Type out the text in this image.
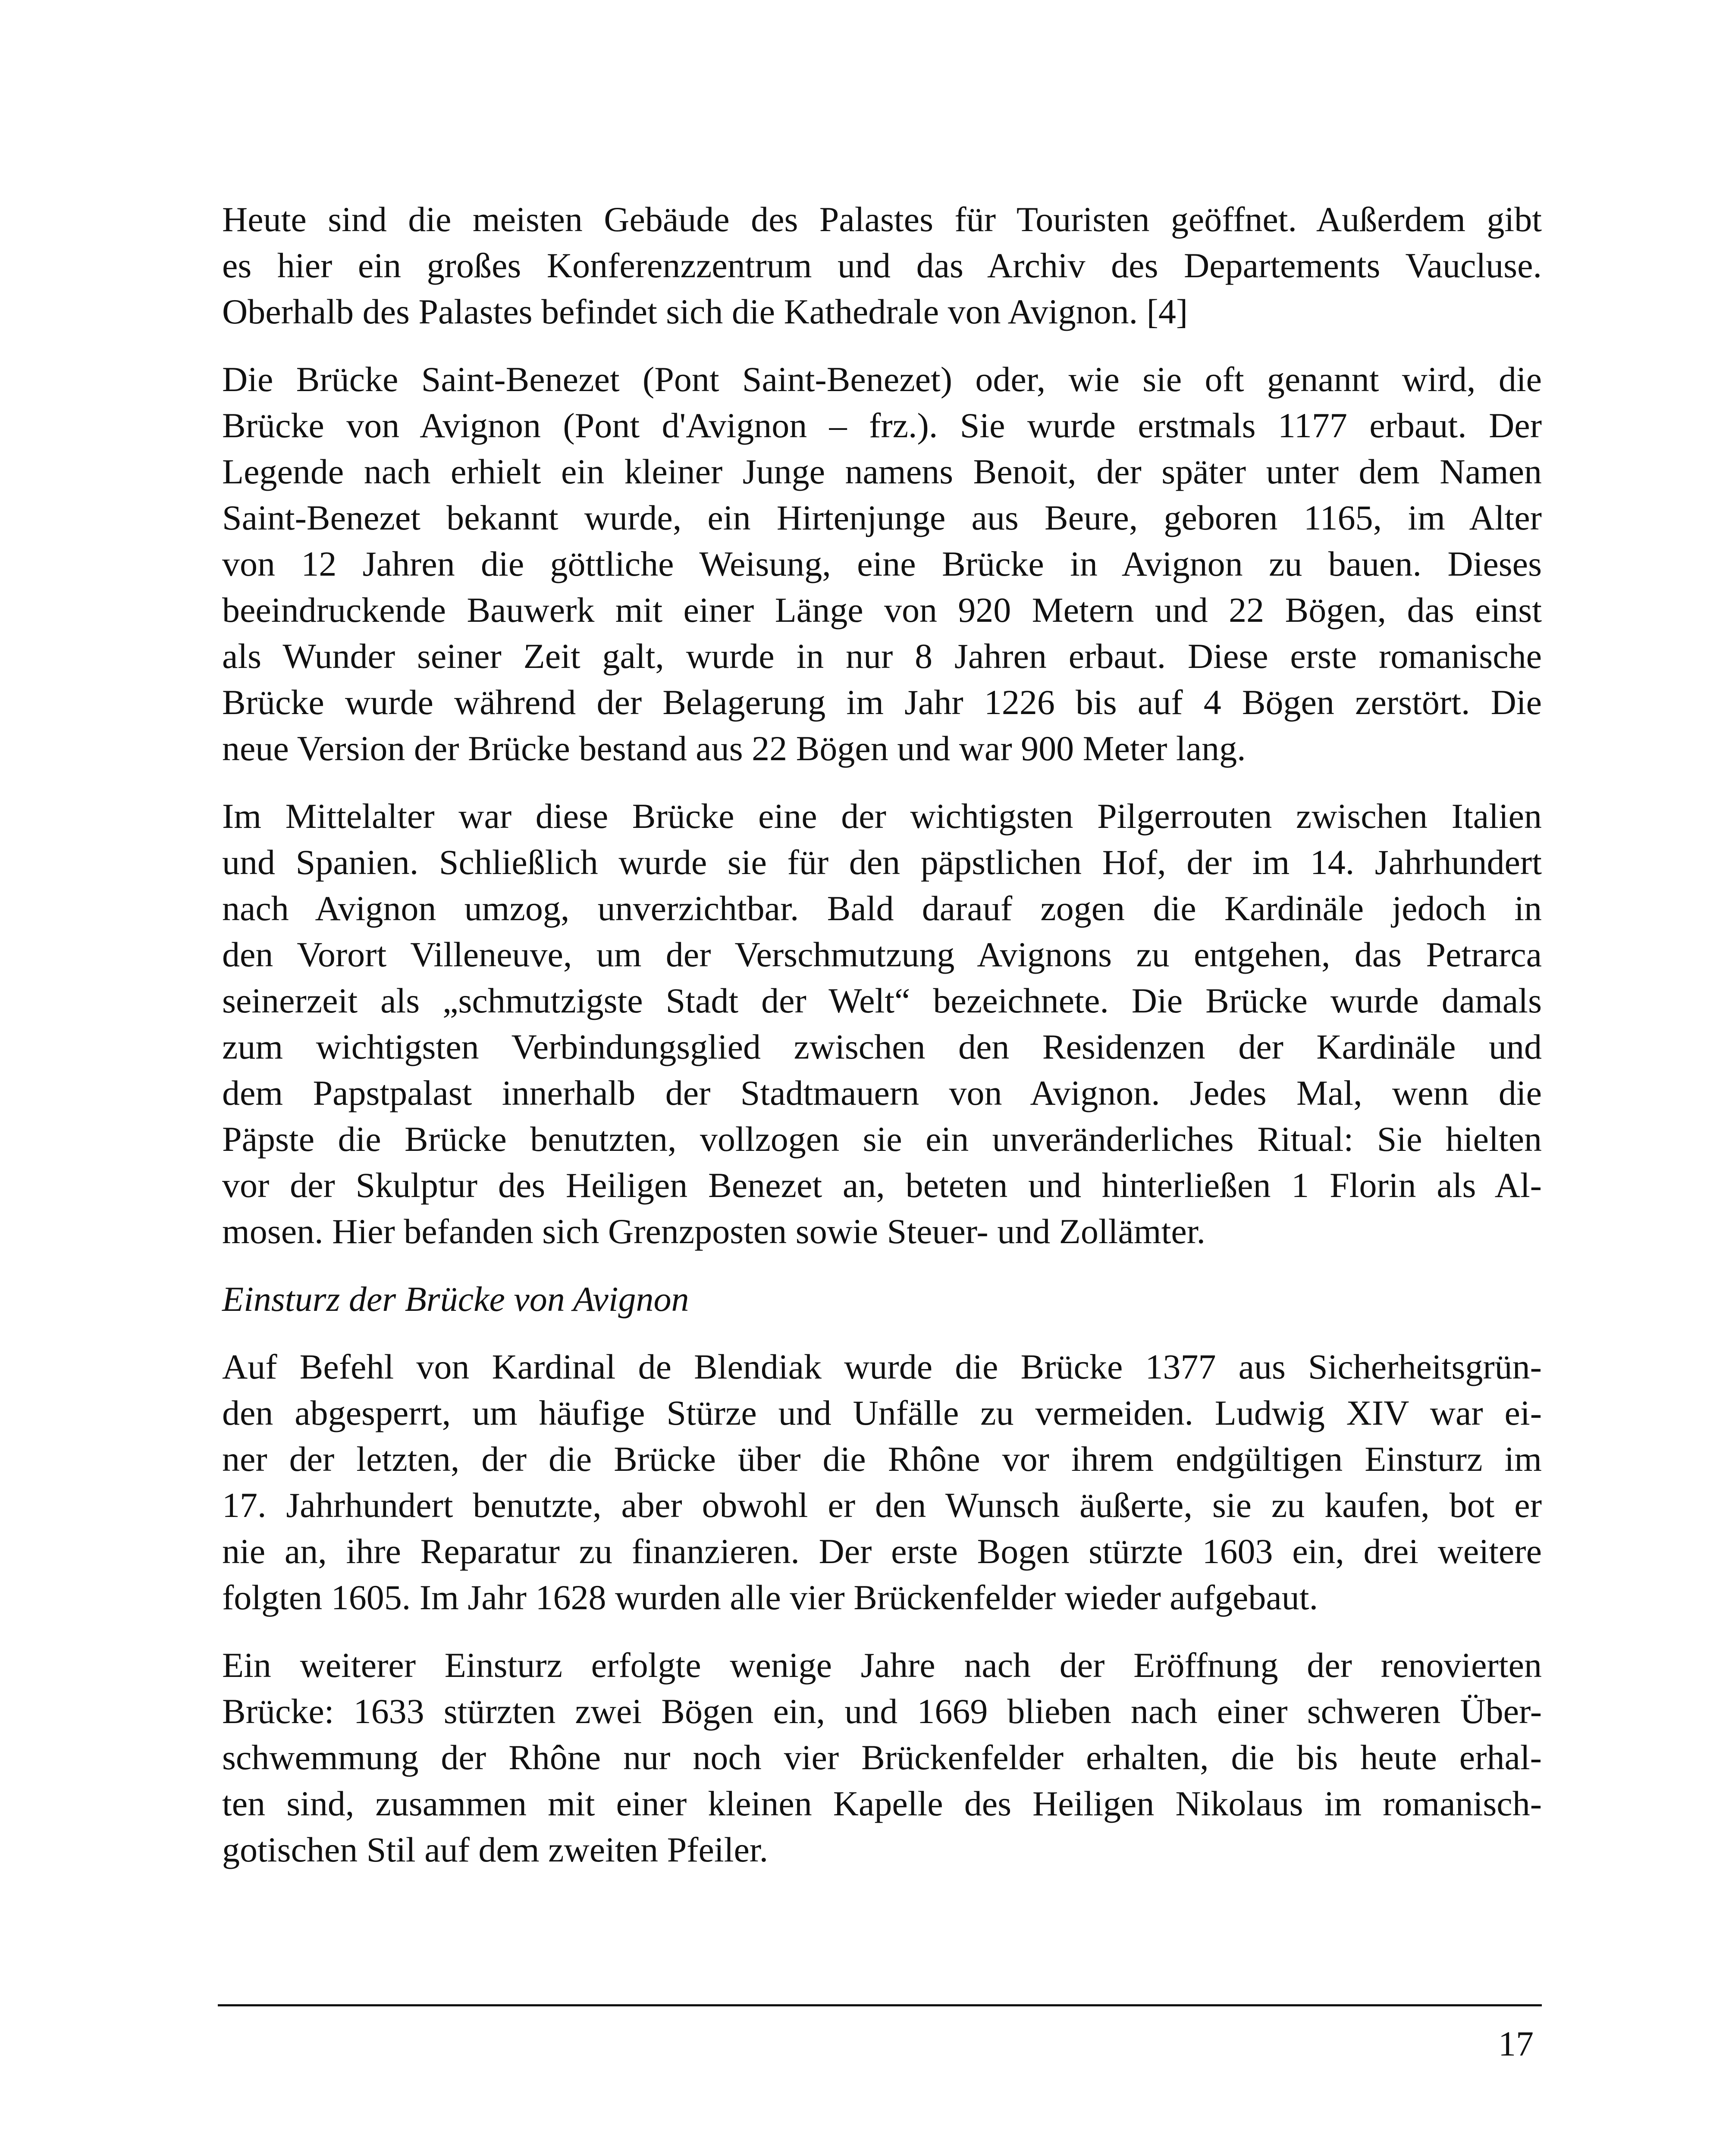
Heute sind die meisten Gebäude des Palastes für Touristen geöffnet. Außerdem gibt
es hier ein großes Konferenzzentrum und das Archiv des Departements Vaucluse.
Oberhalb des Palastes befindet sich die Kathedrale von Avignon. [4]
Die Brücke Saint-Benezet (Pont Saint-Benezet) oder, wie sie oft genannt wird, die
Brücke von Avignon (Pont d'Avignon – frz.). Sie wurde erstmals 1177 erbaut. Der
Legende nach erhielt ein kleiner Junge namens Benoit, der später unter dem Namen
Saint-Benezet bekannt wurde, ein Hirtenjunge aus Beure, geboren 1165, im Alter
von 12 Jahren die göttliche Weisung, eine Brücke in Avignon zu bauen. Dieses
beeindruckende Bauwerk mit einer Länge von 920 Metern und 22 Bögen, das einst
als Wunder seiner Zeit galt, wurde in nur 8 Jahren erbaut. Diese erste romanische
Brücke wurde während der Belagerung im Jahr 1226 bis auf 4 Bögen zerstört. Die
neue Version der Brücke bestand aus 22 Bögen und war 900 Meter lang.
Im Mittelalter war diese Brücke eine der wichtigsten Pilgerrouten zwischen Italien
und Spanien. Schließlich wurde sie für den päpstlichen Hof, der im 14. Jahrhundert
nach Avignon umzog, unverzichtbar. Bald darauf zogen die Kardinäle jedoch in
den Vorort Villeneuve, um der Verschmutzung Avignons zu entgehen, das Petrarca
seinerzeit als „schmutzigste Stadt der Welt“ bezeichnete. Die Brücke wurde damals
zum wichtigsten Verbindungsglied zwischen den Residenzen der Kardinäle und
dem Papstpalast innerhalb der Stadtmauern von Avignon. Jedes Mal, wenn die
Päpste die Brücke benutzten, vollzogen sie ein unveränderliches Ritual: Sie hielten
vor der Skulptur des Heiligen Benezet an, beteten und hinterließen 1 Florin als Al-
mosen. Hier befanden sich Grenzposten sowie Steuer- und Zollämter.
Einsturz der Brücke von Avignon
Auf Befehl von Kardinal de Blendiak wurde die Brücke 1377 aus Sicherheitsgrün-
den abgesperrt, um häufige Stürze und Unfälle zu vermeiden. Ludwig XIV war ei-
ner der letzten, der die Brücke über die Rhône vor ihrem endgültigen Einsturz im
17. Jahrhundert benutzte, aber obwohl er den Wunsch äußerte, sie zu kaufen, bot er
nie an, ihre Reparatur zu finanzieren. Der erste Bogen stürzte 1603 ein, drei weitere
folgten 1605. Im Jahr 1628 wurden alle vier Brückenfelder wieder aufgebaut.
Ein weiterer Einsturz erfolgte wenige Jahre nach der Eröffnung der renovierten
Brücke: 1633 stürzten zwei Bögen ein, und 1669 blieben nach einer schweren Über-
schwemmung der Rhône nur noch vier Brückenfelder erhalten, die bis heute erhal-
ten sind, zusammen mit einer kleinen Kapelle des Heiligen Nikolaus im romanisch-
gotischen Stil auf dem zweiten Pfeiler.
17
